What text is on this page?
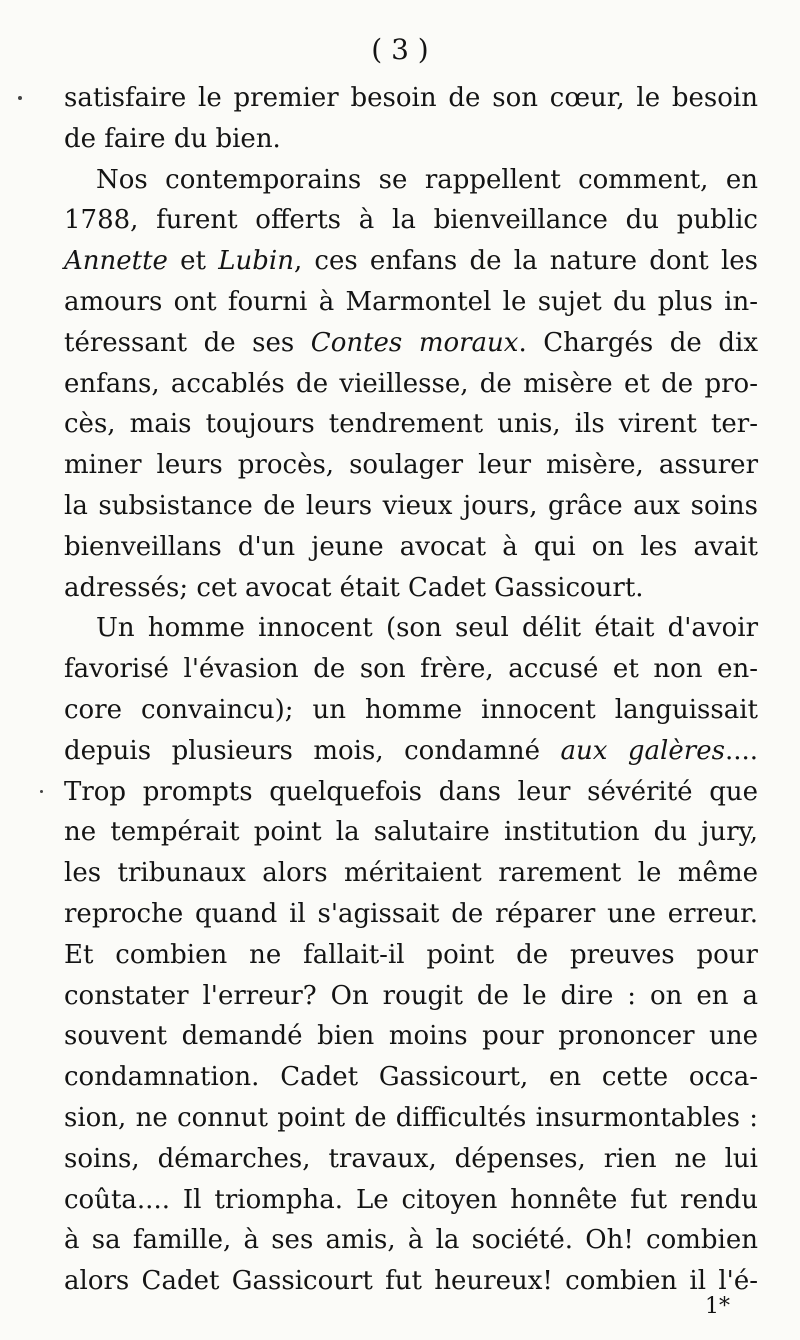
( 3 )
satisfaire le premier besoin de son cœur, le besoin
de faire du bien.
Nos contemporains se rappellent comment, en
1788, furent offerts à la bienveillance du public
Annette et Lubin, ces enfans de la nature dont les
amours ont fourni à Marmontel le sujet du plus in-
téressant de ses Contes moraux. Chargés de dix
enfans, accablés de vieillesse, de misère et de pro-
cès, mais toujours tendrement unis, ils virent ter-
miner leurs procès, soulager leur misère, assurer
la subsistance de leurs vieux jours, grâce aux soins
bienveillans d'un jeune avocat à qui on les avait
adressés; cet avocat était Cadet Gassicourt.
Un homme innocent (son seul délit était d'avoir
favorisé l'évasion de son frère, accusé et non en-
core convaincu); un homme innocent languissait
depuis plusieurs mois, condamné aux galères....
Trop prompts quelquefois dans leur sévérité que
ne tempérait point la salutaire institution du jury,
les tribunaux alors méritaient rarement le même
reproche quand il s'agissait de réparer une erreur.
Et combien ne fallait-il point de preuves pour
constater l'erreur? On rougit de le dire : on en a
souvent demandé bien moins pour prononcer une
condamnation. Cadet Gassicourt, en cette occa-
sion, ne connut point de difficultés insurmontables :
soins, démarches, travaux, dépenses, rien ne lui
coûta.... Il triompha. Le citoyen honnête fut rendu
à sa famille, à ses amis, à la société. Oh! combien
alors Cadet Gassicourt fut heureux! combien il l'é-
1*
